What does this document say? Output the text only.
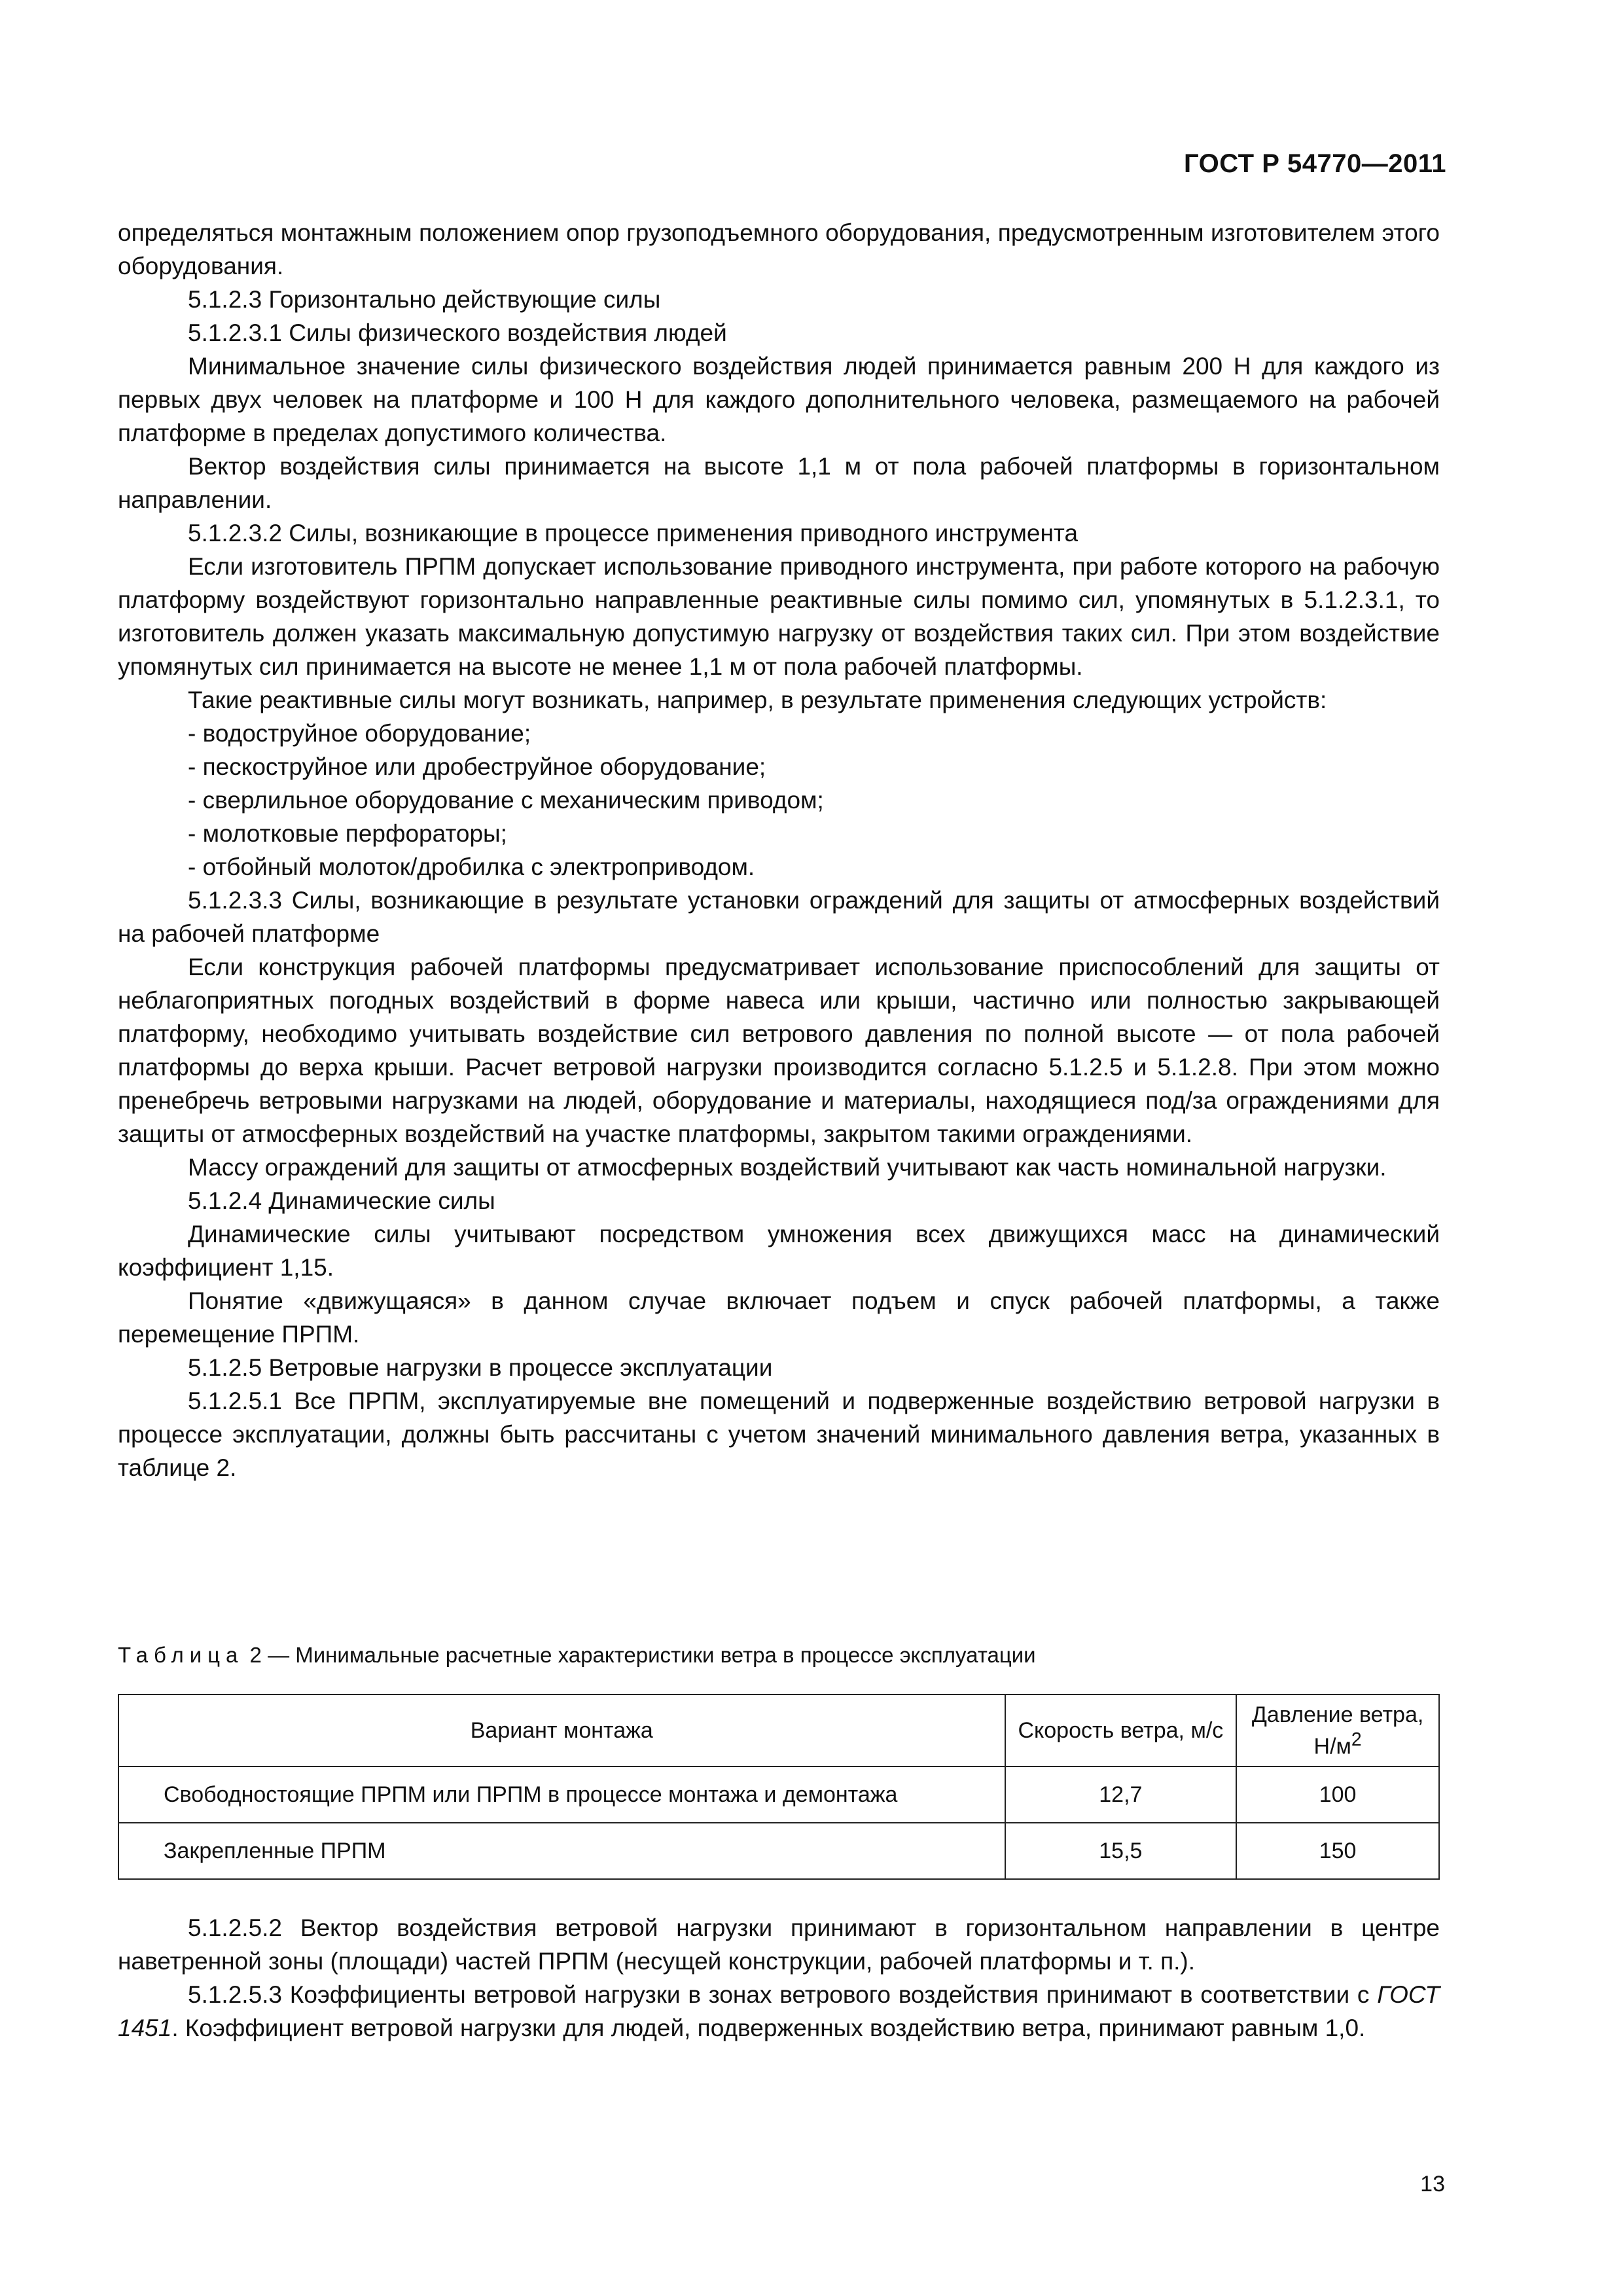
ГОСТ Р 54770—2011

определяться монтажным положением опор грузоподъемного оборудования, предусмотренным изготовителем этого оборудования.

5.1.2.3 Горизонтально действующие силы

5.1.2.3.1 Силы физического воздействия людей

Минимальное значение силы физического воздействия людей принимается равным 200 Н для каждого из первых двух человек на платформе и 100 Н для каждого дополнительного человека, размещаемого на рабочей платформе в пределах допустимого количества.

Вектор воздействия силы принимается на высоте 1,1 м от пола рабочей платформы в горизонтальном направлении.

5.1.2.3.2 Силы, возникающие в процессе применения приводного инструмента

Если изготовитель ПРПМ допускает использование приводного инструмента, при работе которого на рабочую платформу воздействуют горизонтально направленные реактивные силы помимо сил, упомянутых в 5.1.2.3.1, то изготовитель должен указать максимальную допустимую нагрузку от воздействия таких сил. При этом воздействие упомянутых сил принимается на высоте не менее 1,1 м от пола рабочей платформы.

Такие реактивные силы могут возникать, например, в результате применения следующих устройств:

- водоструйное оборудование;

- пескоструйное или дробеструйное оборудование;

- сверлильное оборудование с механическим приводом;

- молотковые перфораторы;

- отбойный молоток/дробилка с электроприводом.

5.1.2.3.3 Силы, возникающие в результате установки ограждений для защиты от атмосферных воздействий на рабочей платформе

Если конструкция рабочей платформы предусматривает использование приспособлений для защиты от неблагоприятных погодных воздействий в форме навеса или крыши, частично или полностью закрывающей платформу, необходимо учитывать воздействие сил ветрового давления по полной высоте — от пола рабочей платформы до верха крыши. Расчет ветровой нагрузки производится согласно 5.1.2.5 и 5.1.2.8. При этом можно пренебречь ветровыми нагрузками на людей, оборудование и материалы, находящиеся под/за ограждениями для защиты от атмосферных воздействий на участке платформы, закрытом такими ограждениями.

Массу ограждений для защиты от атмосферных воздействий учитывают как часть номинальной нагрузки.

5.1.2.4 Динамические силы

Динамические силы учитывают посредством умножения всех движущихся масс на динамический коэффициент 1,15.

Понятие «движущаяся» в данном случае включает подъем и спуск рабочей платформы, а также перемещение ПРПМ.

5.1.2.5 Ветровые нагрузки в процессе эксплуатации

5.1.2.5.1 Все ПРПМ, эксплуатируемые вне помещений и подверженные воздействию ветровой нагрузки в процессе эксплуатации, должны быть рассчитаны с учетом значений минимального давления ветра, указанных в таблице 2.

Таблица 2 — Минимальные расчетные характеристики ветра в процессе эксплуатации
Вариант монтажа	Скорость ветра, м/с	Давление ветра, $Н/м^2$
Свободностоящие ПРПМ или ПРПМ в процессе монтажа и демонтажа	12,7	100
Закрепленные ПРПМ	15,5	150

5.1.2.5.2 Вектор воздействия ветровой нагрузки принимают в горизонтальном направлении в центре наветренной зоны (площади) частей ПРПМ (несущей конструкции, рабочей платформы и т. п.).

5.1.2.5.3 Коэффициенты ветровой нагрузки в зонах ветрового воздействия принимают в соответствии с ГОСТ 1451. Коэффициент ветровой нагрузки для людей, подверженных воздействию ветра, принимают равным 1,0.

13
